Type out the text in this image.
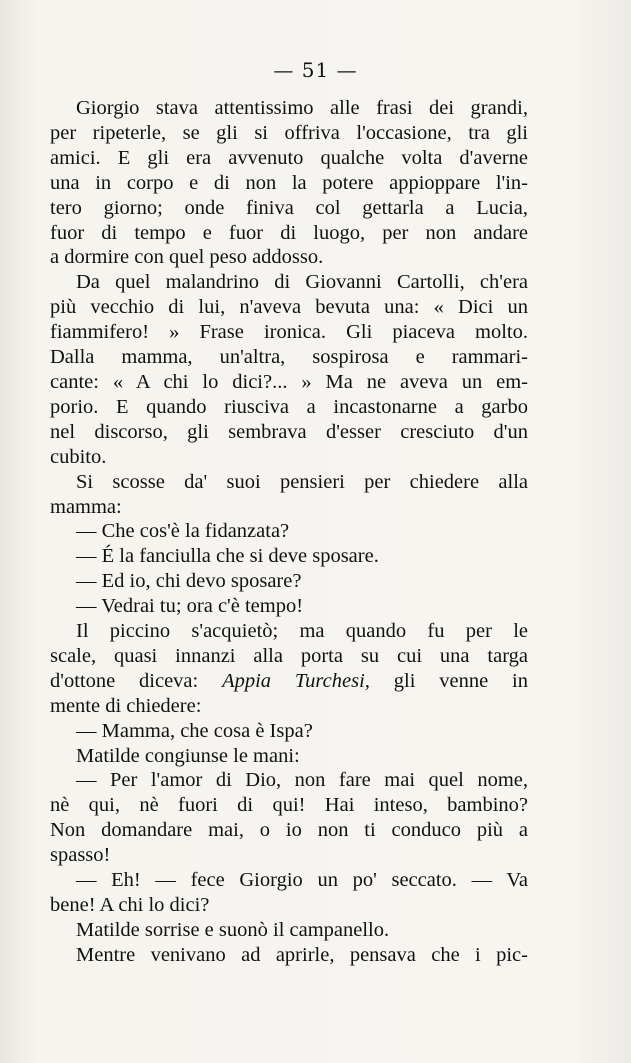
— 51 —
Giorgio stava attentissimo alle frasi dei grandi,
per ripeterle, se gli si offriva l'occasione, tra gli
amici. E gli era avvenuto qualche volta d'averne
una in corpo e di non la potere appioppare l'in-
tero giorno; onde finiva col gettarla a Lucia,
fuor di tempo e fuor di luogo, per non andare
a dormire con quel peso addosso.
Da quel malandrino di Giovanni Cartolli, ch'era
più vecchio di lui, n'aveva bevuta una: « Dici un
fiammifero! » Frase ironica. Gli piaceva molto.
Dalla mamma, un'altra, sospirosa e rammari-
cante: « A chi lo dici?... » Ma ne aveva un em-
porio. E quando riusciva a incastonarne a garbo
nel discorso, gli sembrava d'esser cresciuto d'un
cubito.
Si scosse da' suoi pensieri per chiedere alla
mamma:
— Che cos'è la fidanzata?
— É la fanciulla che si deve sposare.
— Ed io, chi devo sposare?
— Vedrai tu; ora c'è tempo!
Il piccino s'acquietò; ma quando fu per le
scale, quasi innanzi alla porta su cui una targa
d'ottone diceva: Appia Turchesi, gli venne in
mente di chiedere:
— Mamma, che cosa è Ispa?
Matilde congiunse le mani:
— Per l'amor di Dio, non fare mai quel nome,
nè qui, nè fuori di qui! Hai inteso, bambino?
Non domandare mai, o io non ti conduco più a
spasso!
— Eh! — fece Giorgio un po' seccato. — Va
bene! A chi lo dici?
Matilde sorrise e suonò il campanello.
Mentre venivano ad aprirle, pensava che i pic-
